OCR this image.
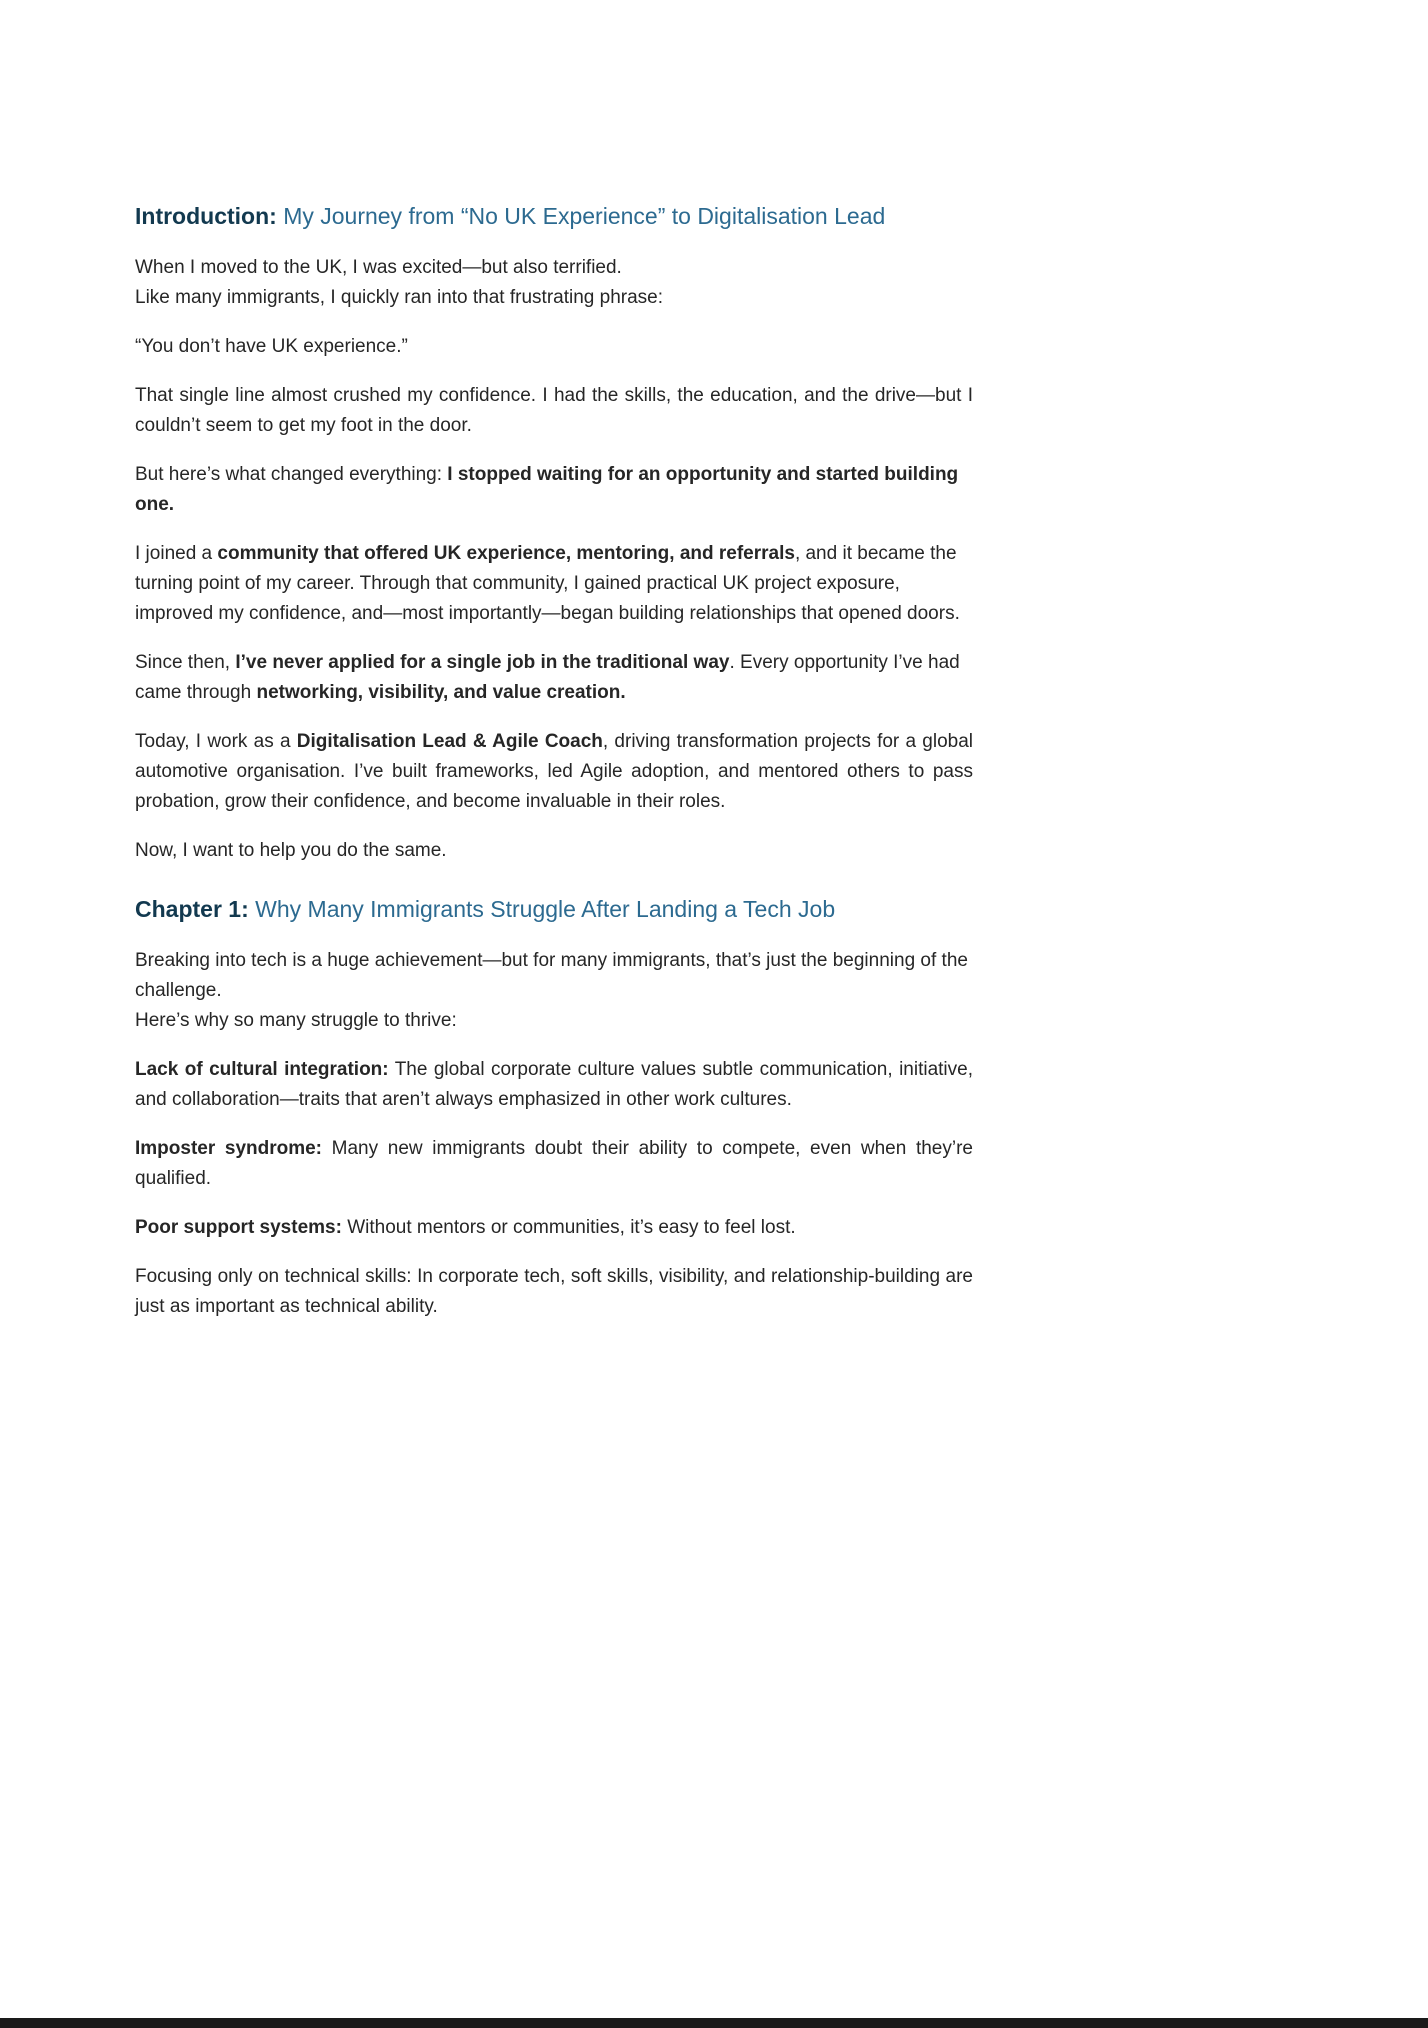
Introduction: My Journey from “No UK Experience” to Digitalisation Lead

When I moved to the UK, I was excited—but also terrified.
Like many immigrants, I quickly ran into that frustrating phrase:

“You don’t have UK experience.”

That single line almost crushed my confidence. I had the skills, the education, and the drive—but I couldn’t seem to get my foot in the door.

But here’s what changed everything: I stopped waiting for an opportunity and started building one.

I joined a community that offered UK experience, mentoring, and referrals, and it became the turning point of my career. Through that community, I gained practical UK project exposure, improved my confidence, and—most importantly—began building relationships that opened doors.

Since then, I’ve never applied for a single job in the traditional way. Every opportunity I’ve had came through networking, visibility, and value creation.

Today, I work as a Digitalisation Lead & Agile Coach, driving transformation projects for a global automotive organisation. I’ve built frameworks, led Agile adoption, and mentored others to pass probation, grow their confidence, and become invaluable in their roles.

Now, I want to help you do the same.

Chapter 1: Why Many Immigrants Struggle After Landing a Tech Job

Breaking into tech is a huge achievement—but for many immigrants, that’s just the beginning of the challenge.
Here’s why so many struggle to thrive:

Lack of cultural integration: The global corporate culture values subtle communication, initiative, and collaboration—traits that aren’t always emphasized in other work cultures.

Imposter syndrome: Many new immigrants doubt their ability to compete, even when they’re qualified.

Poor support systems: Without mentors or communities, it’s easy to feel lost.

Focusing only on technical skills: In corporate tech, soft skills, visibility, and relationship-building are just as important as technical ability.
